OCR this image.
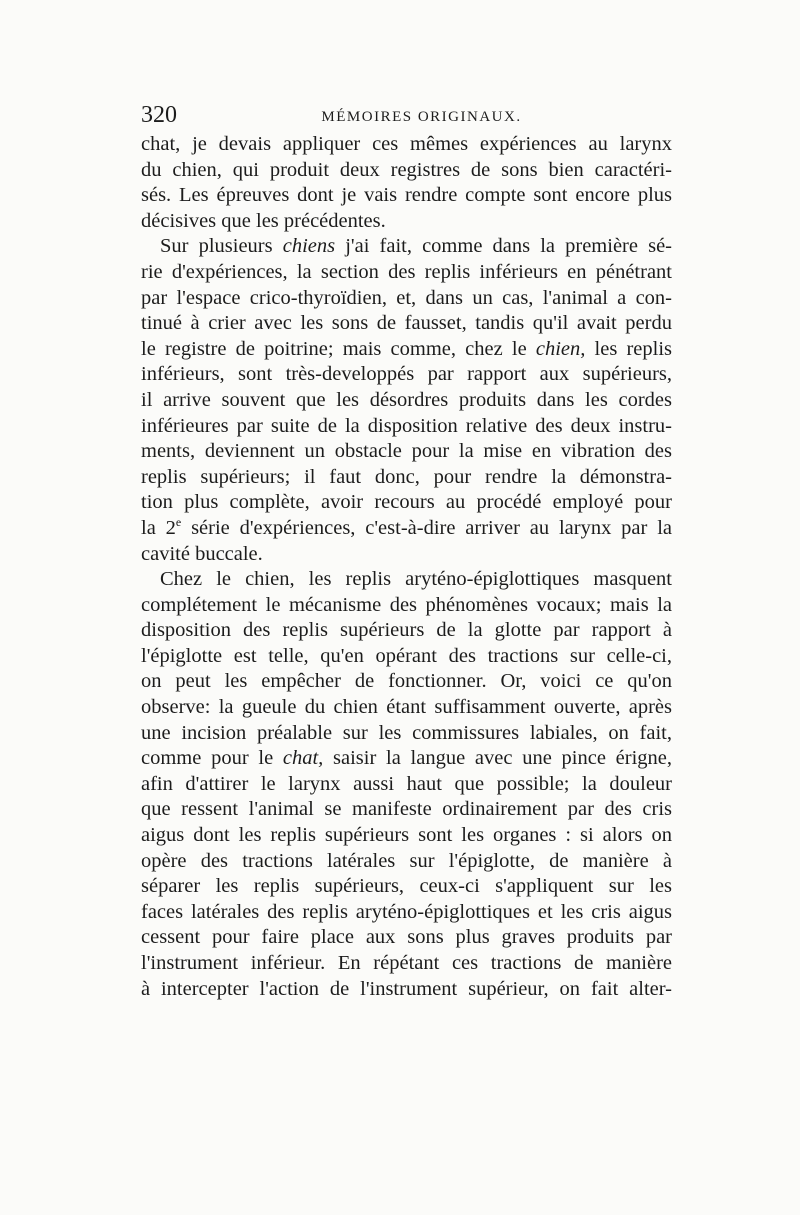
320	MÉMOIRES ORIGINAUX.
chat, je devais appliquer ces mêmes expériences au larynx
du chien, qui produit deux registres de sons bien caractéri-
sés. Les épreuves dont je vais rendre compte sont encore plus
décisives que les précédentes.
Sur plusieurs chiens j'ai fait, comme dans la première sé-
rie d'expériences, la section des replis inférieurs en pénétrant
par l'espace crico-thyroïdien, et, dans un cas, l'animal a con-
tinué à crier avec les sons de fausset, tandis qu'il avait perdu
le registre de poitrine; mais comme, chez le chien, les replis
inférieurs, sont très-developpés par rapport aux supérieurs,
il arrive souvent que les désordres produits dans les cordes
inférieures par suite de la disposition relative des deux instru-
ments, deviennent un obstacle pour la mise en vibration des
replis supérieurs; il faut donc, pour rendre la démonstra-
tion plus complète, avoir recours au procédé employé pour
la 2e série d'expériences, c'est-à-dire arriver au larynx par la
cavité buccale.
Chez le chien, les replis aryténo-épiglottiques masquent
complétement le mécanisme des phénomènes vocaux; mais la
disposition des replis supérieurs de la glotte par rapport à
l'épiglotte est telle, qu'en opérant des tractions sur celle-ci,
on peut les empêcher de fonctionner. Or, voici ce qu'on
observe: la gueule du chien étant suffisamment ouverte, après
une incision préalable sur les commissures labiales, on fait,
comme pour le chat, saisir la langue avec une pince érigne,
afin d'attirer le larynx aussi haut que possible; la douleur
que ressent l'animal se manifeste ordinairement par des cris
aigus dont les replis supérieurs sont les organes : si alors on
opère des tractions latérales sur l'épiglotte, de manière à
séparer les replis supérieurs, ceux-ci s'appliquent sur les
faces latérales des replis aryténo-épiglottiques et les cris aigus
cessent pour faire place aux sons plus graves produits par
l'instrument inférieur. En répétant ces tractions de manière
à intercepter l'action de l'instrument supérieur, on fait alter-
